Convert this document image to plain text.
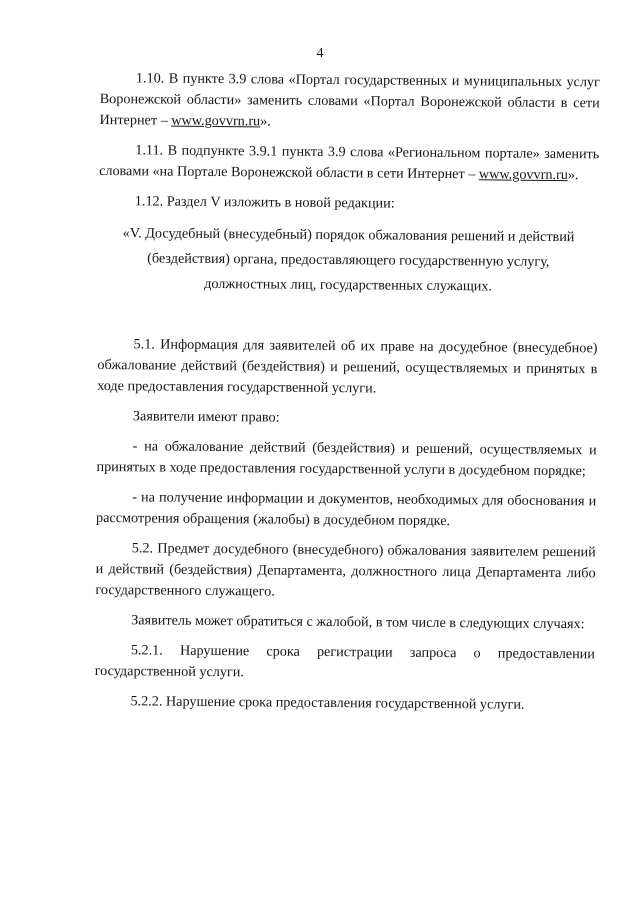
4

1.10. В пункте 3.9 слова «Портал государственных и муниципальных услуг Воронежской области» заменить словами «Портал Воронежской области в сети Интернет – www.govvrn.ru».

1.11. В подпункте 3.9.1 пункта 3.9 слова «Региональном портале» заменить словами «на Портале Воронежской области в сети Интернет – www.govvrn.ru».

1.12. Раздел V изложить в новой редакции:

«V. Досудебный (внесудебный) порядок обжалования решений и действий
(бездействия) органа, предоставляющего государственную услугу,
должностных лиц, государственных служащих.

5.1. Информация для заявителей об их праве на досудебное (внесудебное) обжалование действий (бездействия) и решений, осуществляемых и принятых в ходе предоставления государственной услуги.

Заявители имеют право:

- на обжалование действий (бездействия) и решений, осуществляемых и принятых в ходе предоставления государственной услуги в досудебном порядке;

- на получение информации и документов, необходимых для обоснования и рассмотрения обращения (жалобы) в досудебном порядке.

5.2. Предмет досудебного (внесудебного) обжалования заявителем решений и действий (бездействия) Департамента, должностного лица Департамента либо государственного служащего.

Заявитель может обратиться с жалобой, в том числе в следующих случаях:

5.2.1. Нарушение срока регистрации запроса о предоставлении государственной услуги.

5.2.2. Нарушение срока предоставления государственной услуги.
